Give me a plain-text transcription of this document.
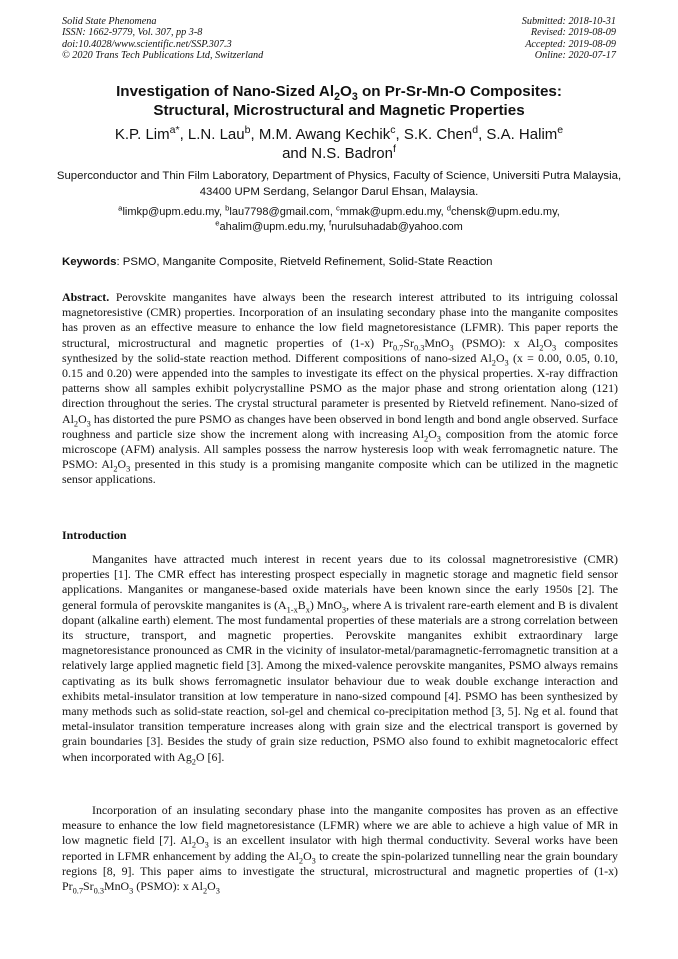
Solid State Phenomena
ISSN: 1662-9779, Vol. 307, pp 3-8
doi:10.4028/www.scientific.net/SSP.307.3
© 2020 Trans Tech Publications Ltd, Switzerland
Submitted: 2018-10-31
Revised: 2019-08-09
Accepted: 2019-08-09
Online: 2020-07-17
Investigation of Nano-Sized $Al_2O_3$ on Pr-Sr-Mn-O Composites:
Structural, Microstructural and Magnetic Properties
K.P. Lim$^{a*}$, L.N. Lau$^b$, M.M. Awang Kechik$^c$, S.K. Chen$^d$, S.A. Halim$^e$
and N.S. Badron$^f$
Superconductor and Thin Film Laboratory, Department of Physics, Faculty of Science, Universiti Putra Malaysia, 43400 UPM Serdang, Selangor Darul Ehsan, Malaysia.
$^a$limkp@upm.edu.my, $^b$lau7798@gmail.com, $^c$mmak@upm.edu.my, $^d$chensk@upm.edu.my,
$^e$ahalim@upm.edu.my, $^f$nurulsuhadab@yahoo.com
Keywords: PSMO, Manganite Composite, Rietveld Refinement, Solid-State Reaction

Abstract. Perovskite manganites have always been the research interest attributed to its intriguing colossal magnetoresistive (CMR) properties. Incorporation of an insulating secondary phase into the manganite composites has proven as an effective measure to enhance the low field magnetoresistance (LFMR). This paper reports the structural, microstructural and magnetic properties of (1-x) $Pr_{0.7}Sr_{0.3}MnO_3$ (PSMO): x $Al_2O_3$ composites synthesized by the solid-state reaction method. Different compositions of nano-sized $Al_2O_3$ (x = 0.00, 0.05, 0.10, 0.15 and 0.20) were appended into the samples to investigate its effect on the physical properties. X-ray diffraction patterns show all samples exhibit polycrystalline PSMO as the major phase and strong orientation along (121) direction throughout the series. The crystal structural parameter is presented by Rietveld refinement. Nano-sized of $Al_2O_3$ has distorted the pure PSMO as changes have been observed in bond length and bond angle observed. Surface roughness and particle size show the increment along with increasing $Al_2O_3$ composition from the atomic force microscope (AFM) analysis. All samples possess the narrow hysteresis loop with weak ferromagnetic nature. The PSMO: $Al_2O_3$ presented in this study is a promising manganite composite which can be utilized in the magnetic sensor applications.

Introduction

Manganites have attracted much interest in recent years due to its colossal magnetroresistive (CMR) properties [1]. The CMR effect has interesting prospect especially in magnetic storage and magnetic field sensor applications. Manganites or manganese-based oxide materials have been known since the early 1950s [2]. The general formula of perovskite manganites is $(A_{1-x}B_x)$ MnO$_3$, where A is trivalent rare-earth element and B is divalent dopant (alkaline earth) element. The most fundamental properties of these materials are a strong correlation between its structure, transport, and magnetic properties. Perovskite manganites exhibit extraordinary large magnetoresistance pronounced as CMR in the vicinity of insulator-metal/paramagnetic-ferromagnetic transition at a relatively large applied magnetic field [3]. Among the mixed-valence perovskite manganites, PSMO always remains captivating as its bulk shows ferromagnetic insulator behaviour due to weak double exchange interaction and exhibits metal-insulator transition at low temperature in nano-sized compound [4]. PSMO has been synthesized by many methods such as solid-state reaction, sol-gel and chemical co-precipitation method [3, 5]. Ng et al. found that metal-insulator transition temperature increases along with grain size and the electrical transport is governed by grain boundaries [3]. Besides the study of grain size reduction, PSMO also found to exhibit magnetocaloric effect when incorporated with $Ag_2O$ [6].

Incorporation of an insulating secondary phase into the manganite composites has proven as an effective measure to enhance the low field magnetoresistance (LFMR) where we are able to achieve a high value of MR in low magnetic field [7]. $Al_2O_3$ is an excellent insulator with high thermal conductivity. Several works have been reported in LFMR enhancement by adding the $Al_2O_3$ to create the spin-polarized tunnelling near the grain boundary regions [8, 9]. This paper aims to investigate the structural, microstructural and magnetic properties of (1-x) $Pr_{0.7}Sr_{0.3}MnO_3$ (PSMO): x $Al_2O_3$
